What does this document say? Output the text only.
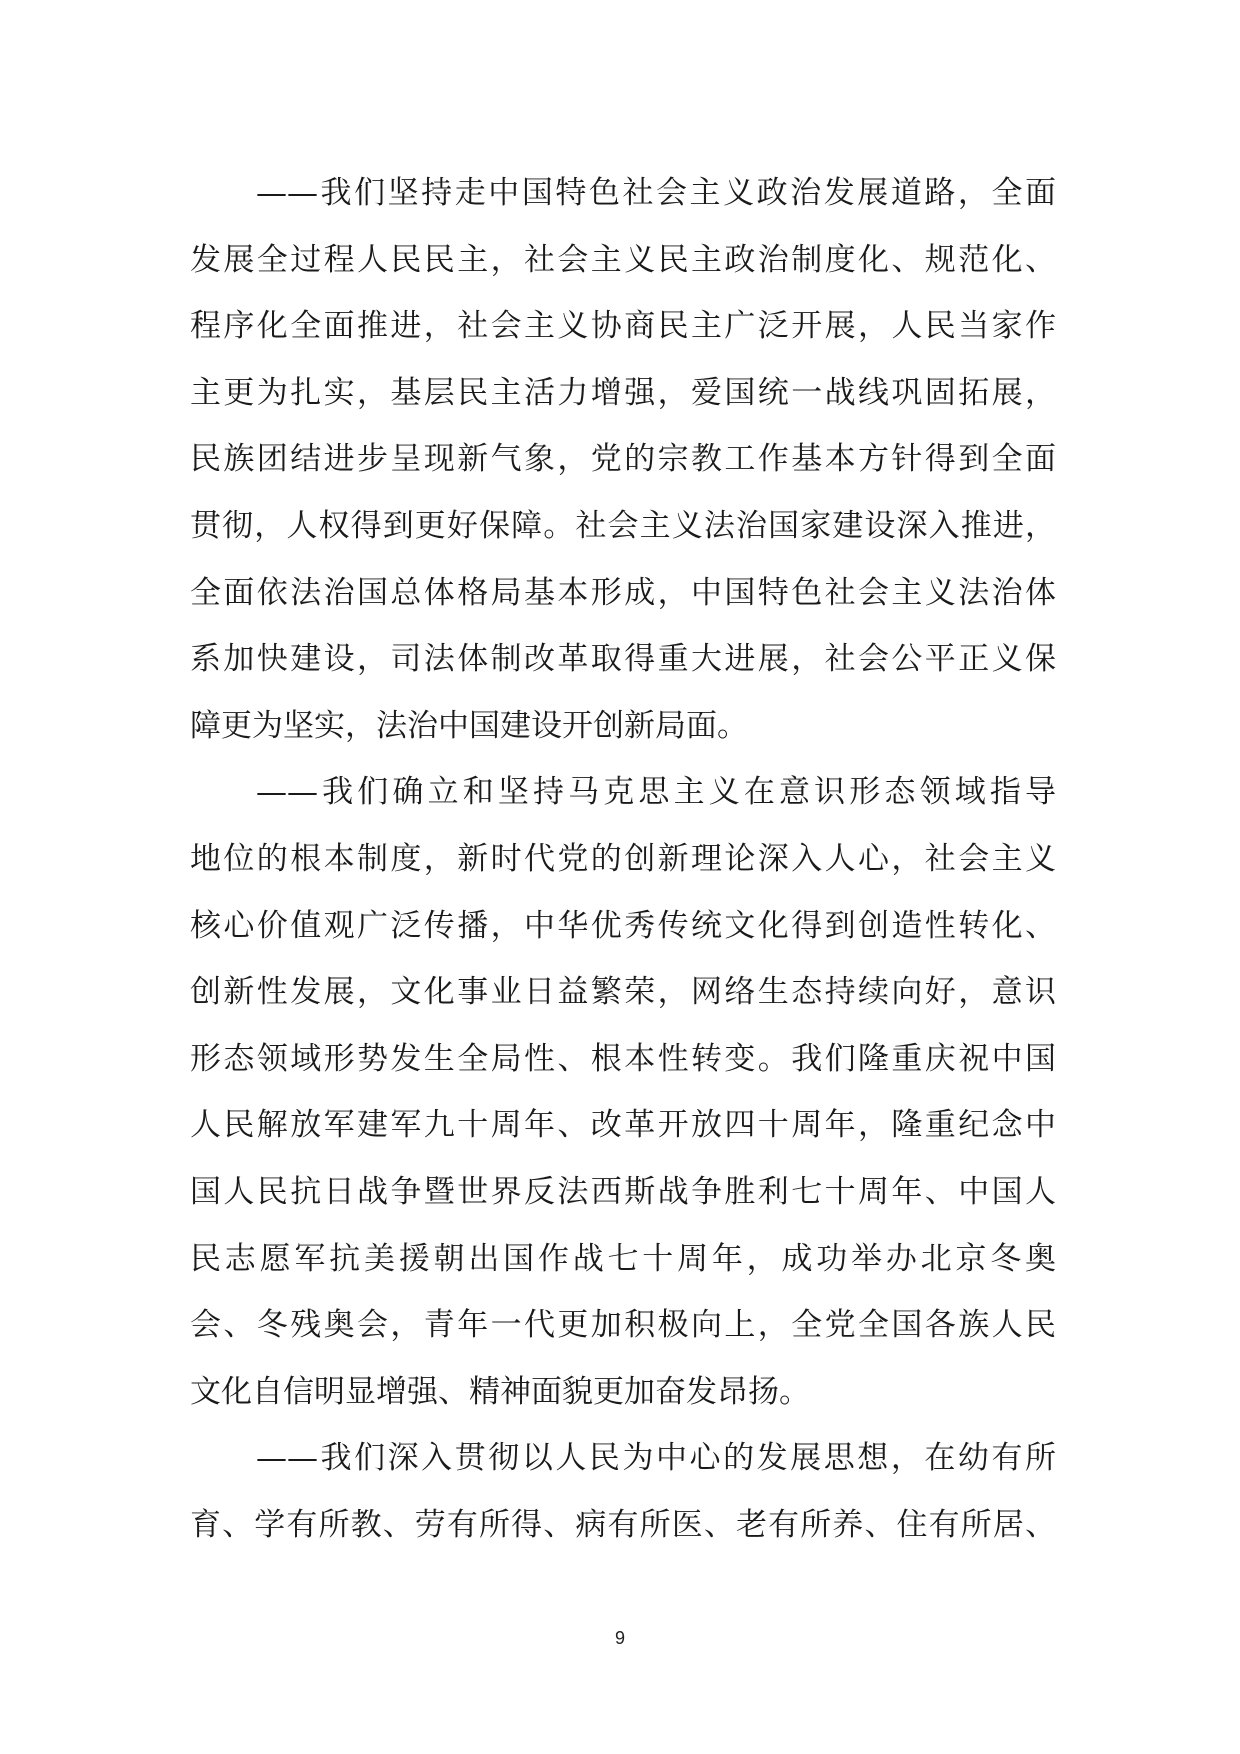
——我们坚持走中国特色社会主义政治发展道路，全面
发展全过程人民民主，社会主义民主政治制度化、规范化、
程序化全面推进，社会主义协商民主广泛开展，人民当家作
主更为扎实，基层民主活力增强，爱国统一战线巩固拓展，
民族团结进步呈现新气象，党的宗教工作基本方针得到全面
贯彻，人权得到更好保障。社会主义法治国家建设深入推进，
全面依法治国总体格局基本形成，中国特色社会主义法治体
系加快建设，司法体制改革取得重大进展，社会公平正义保
障更为坚实，法治中国建设开创新局面。
——我们确立和坚持马克思主义在意识形态领域指导
地位的根本制度，新时代党的创新理论深入人心，社会主义
核心价值观广泛传播，中华优秀传统文化得到创造性转化、
创新性发展，文化事业日益繁荣，网络生态持续向好，意识
形态领域形势发生全局性、根本性转变。我们隆重庆祝中国
人民解放军建军九十周年、改革开放四十周年，隆重纪念中
国人民抗日战争暨世界反法西斯战争胜利七十周年、中国人
民志愿军抗美援朝出国作战七十周年，成功举办北京冬奥
会、冬残奥会，青年一代更加积极向上，全党全国各族人民
文化自信明显增强、精神面貌更加奋发昂扬。
——我们深入贯彻以人民为中心的发展思想，在幼有所
育、学有所教、劳有所得、病有所医、老有所养、住有所居、
9
